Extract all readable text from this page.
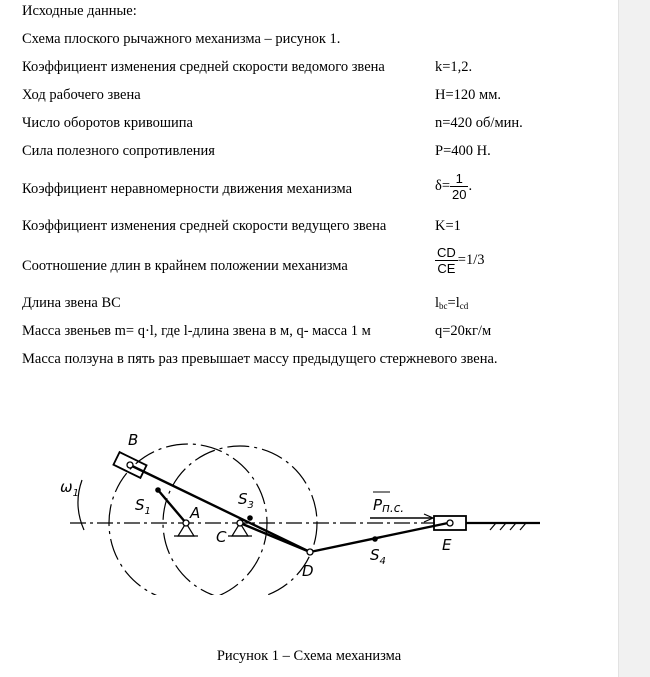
Исходные данные:
Схема плоского рычажного механизма – рисунок 1.
Коэффициент изменения средней скорости ведомого звена	k=1,2.
Ход рабочего звена	H=120 мм.
Число оборотов кривошипа	n=420 об/мин.
Сила полезного сопротивления	P=400 Н.
Коэффициент неравномерности движения механизма	$\delta= \frac{1}{20}$ .
Коэффициент изменения средней скорости ведущего звена	K=1
Соотношение длин в крайнем положении механизма	$\frac{CD}{CE} =1/3$
Длина звена BC	$l_{bc}=l_{cd}$
Масса звеньев m= q·l, где l-длина звена в м, q- масса 1 м	q=20кг/м
Масса ползуна в пять раз превышает массу предыдущего стержневого звена.
B
A
C
D
E
$S_1$
$S_3$
$S_4$
$\omega_1$
Pп.с.
Рисунок 1 – Схема механизма
